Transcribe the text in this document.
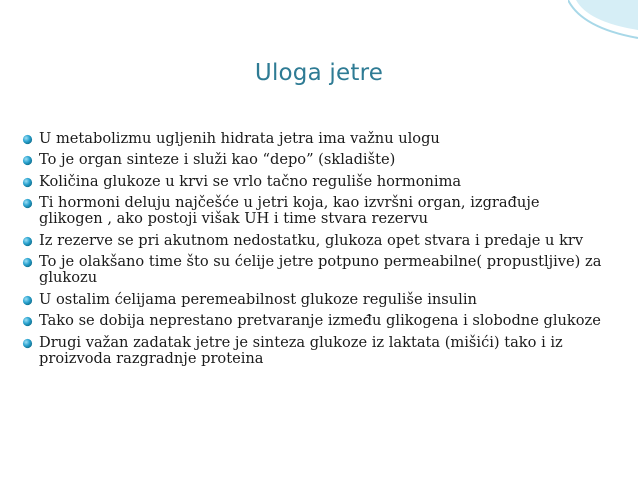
Uloga jetre
U metabolizmu ugljenih hidrata jetra ima važnu ulogu
To je organ sinteze i služi kao “depo” (skladište)
Količina glukoze u krvi se vrlo tačno reguliše hormonima
Ti hormoni deluju najčešće u jetri koja, kao izvršni organ, izgrađuje glikogen , ako postoji višak UH i time stvara rezervu
Iz rezerve se pri akutnom nedostatku, glukoza opet stvara i predaje u krv
To je olakšano time što su ćelije jetre potpuno permeabilne( propustljive) za glukozu
U ostalim ćelijama peremeabilnost glukoze reguliše insulin
Tako se dobija neprestano pretvaranje između glikogena i slobodne glukoze
Drugi važan zadatak jetre je sinteza glukoze iz laktata (mišići) tako i iz proizvoda razgradnje proteina
